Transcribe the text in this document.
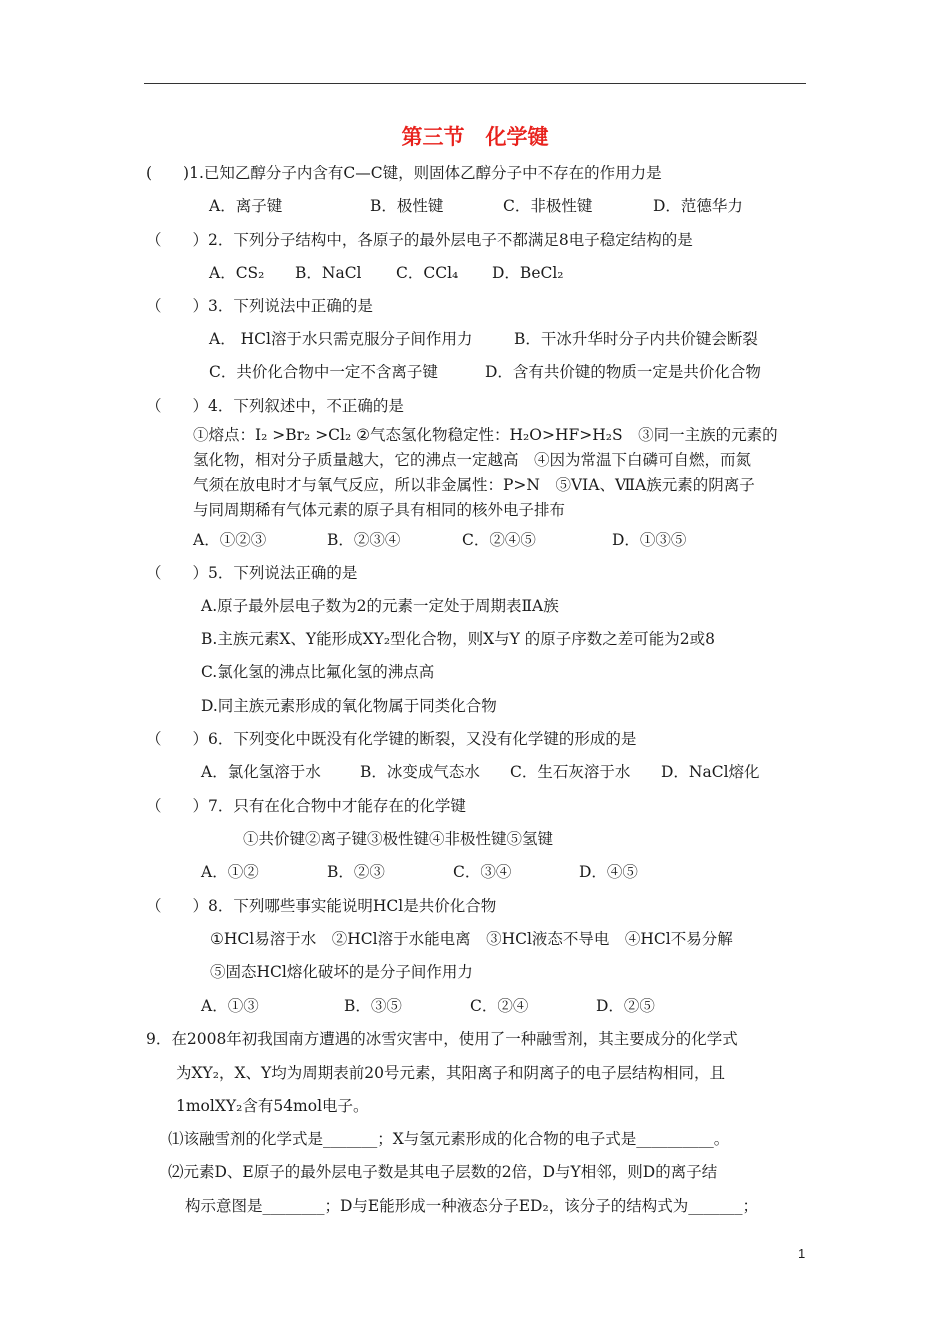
第三节　化学键
(　　)1.已知乙醇分子内含有C—C键，则固体乙醇分子中不存在的作用力是
A．离子键	B．极性键	C．非极性键	D．范德华力
（　　）2．下列分子结构中，各原子的最外层电子不都满足8电子稳定结构的是
A．CS₂ B．NaCl C．CCl₄ D．BeCl₂
（　　）3．下列说法中正确的是
A． HCl溶于水只需克服分子间作用力	B．干冰升华时分子内共价键会断裂
C．共价化合物中一定不含离子键	D．含有共价键的物质一定是共价化合物
（　　）4．下列叙述中，不正确的是
①熔点：I₂ >Br₂ >Cl₂ ②气态氢化物稳定性：H₂O>HF>H₂S　③同一主族的元素的
氢化物，相对分子质量越大，它的沸点一定越高　④因为常温下白磷可自燃，而氮
气须在放电时才与氧气反应，所以非金属性：P>N　⑤VIA、ⅦA族元素的阴离子
与同周期稀有气体元素的原子具有相同的核外电子排布
A．①②③	B．②③④	C．②④⑤	D．①③⑤
（　　）5．下列说法正确的是
A.原子最外层电子数为2的元素一定处于周期表ⅡA族
B.主族元素X、Y能形成XY₂型化合物，则X与Y 的原子序数之差可能为2或8
C.氯化氢的沸点比氟化氢的沸点高
D.同主族元素形成的氧化物属于同类化合物
（　　）6．下列变化中既没有化学键的断裂，又没有化学键的形成的是
A．氯化氢溶于水	B．冰变成气态水 C．生石灰溶于水 D．NaCl熔化
（　　）7．只有在化合物中才能存在的化学键
①共价键②离子键③极性键④非极性键⑤氢键
A．①②	B．②③	C．③④	D．④⑤
（　　）8．下列哪些事实能说明HCl是共价化合物
①HCl易溶于水　②HCl溶于水能电离　③HCl液态不导电　④HCl不易分解
⑤固态HCl熔化破坏的是分子间作用力
A．①③	B．③⑤	C．②④	D．②⑤
9．在2008年初我国南方遭遇的冰雪灾害中，使用了一种融雪剂，其主要成分的化学式
为XY₂，X、Y均为周期表前20号元素，其阳离子和阴离子的电子层结构相同，且
1molXY₂含有54mol电子。
⑴该融雪剂的化学式是_______；X与氢元素形成的化合物的电子式是__________。
⑵元素D、E原子的最外层电子数是其电子层数的2倍，D与Y相邻，则D的离子结
构示意图是________；D与E能形成一种液态分子ED₂，该分子的结构式为_______；
1
